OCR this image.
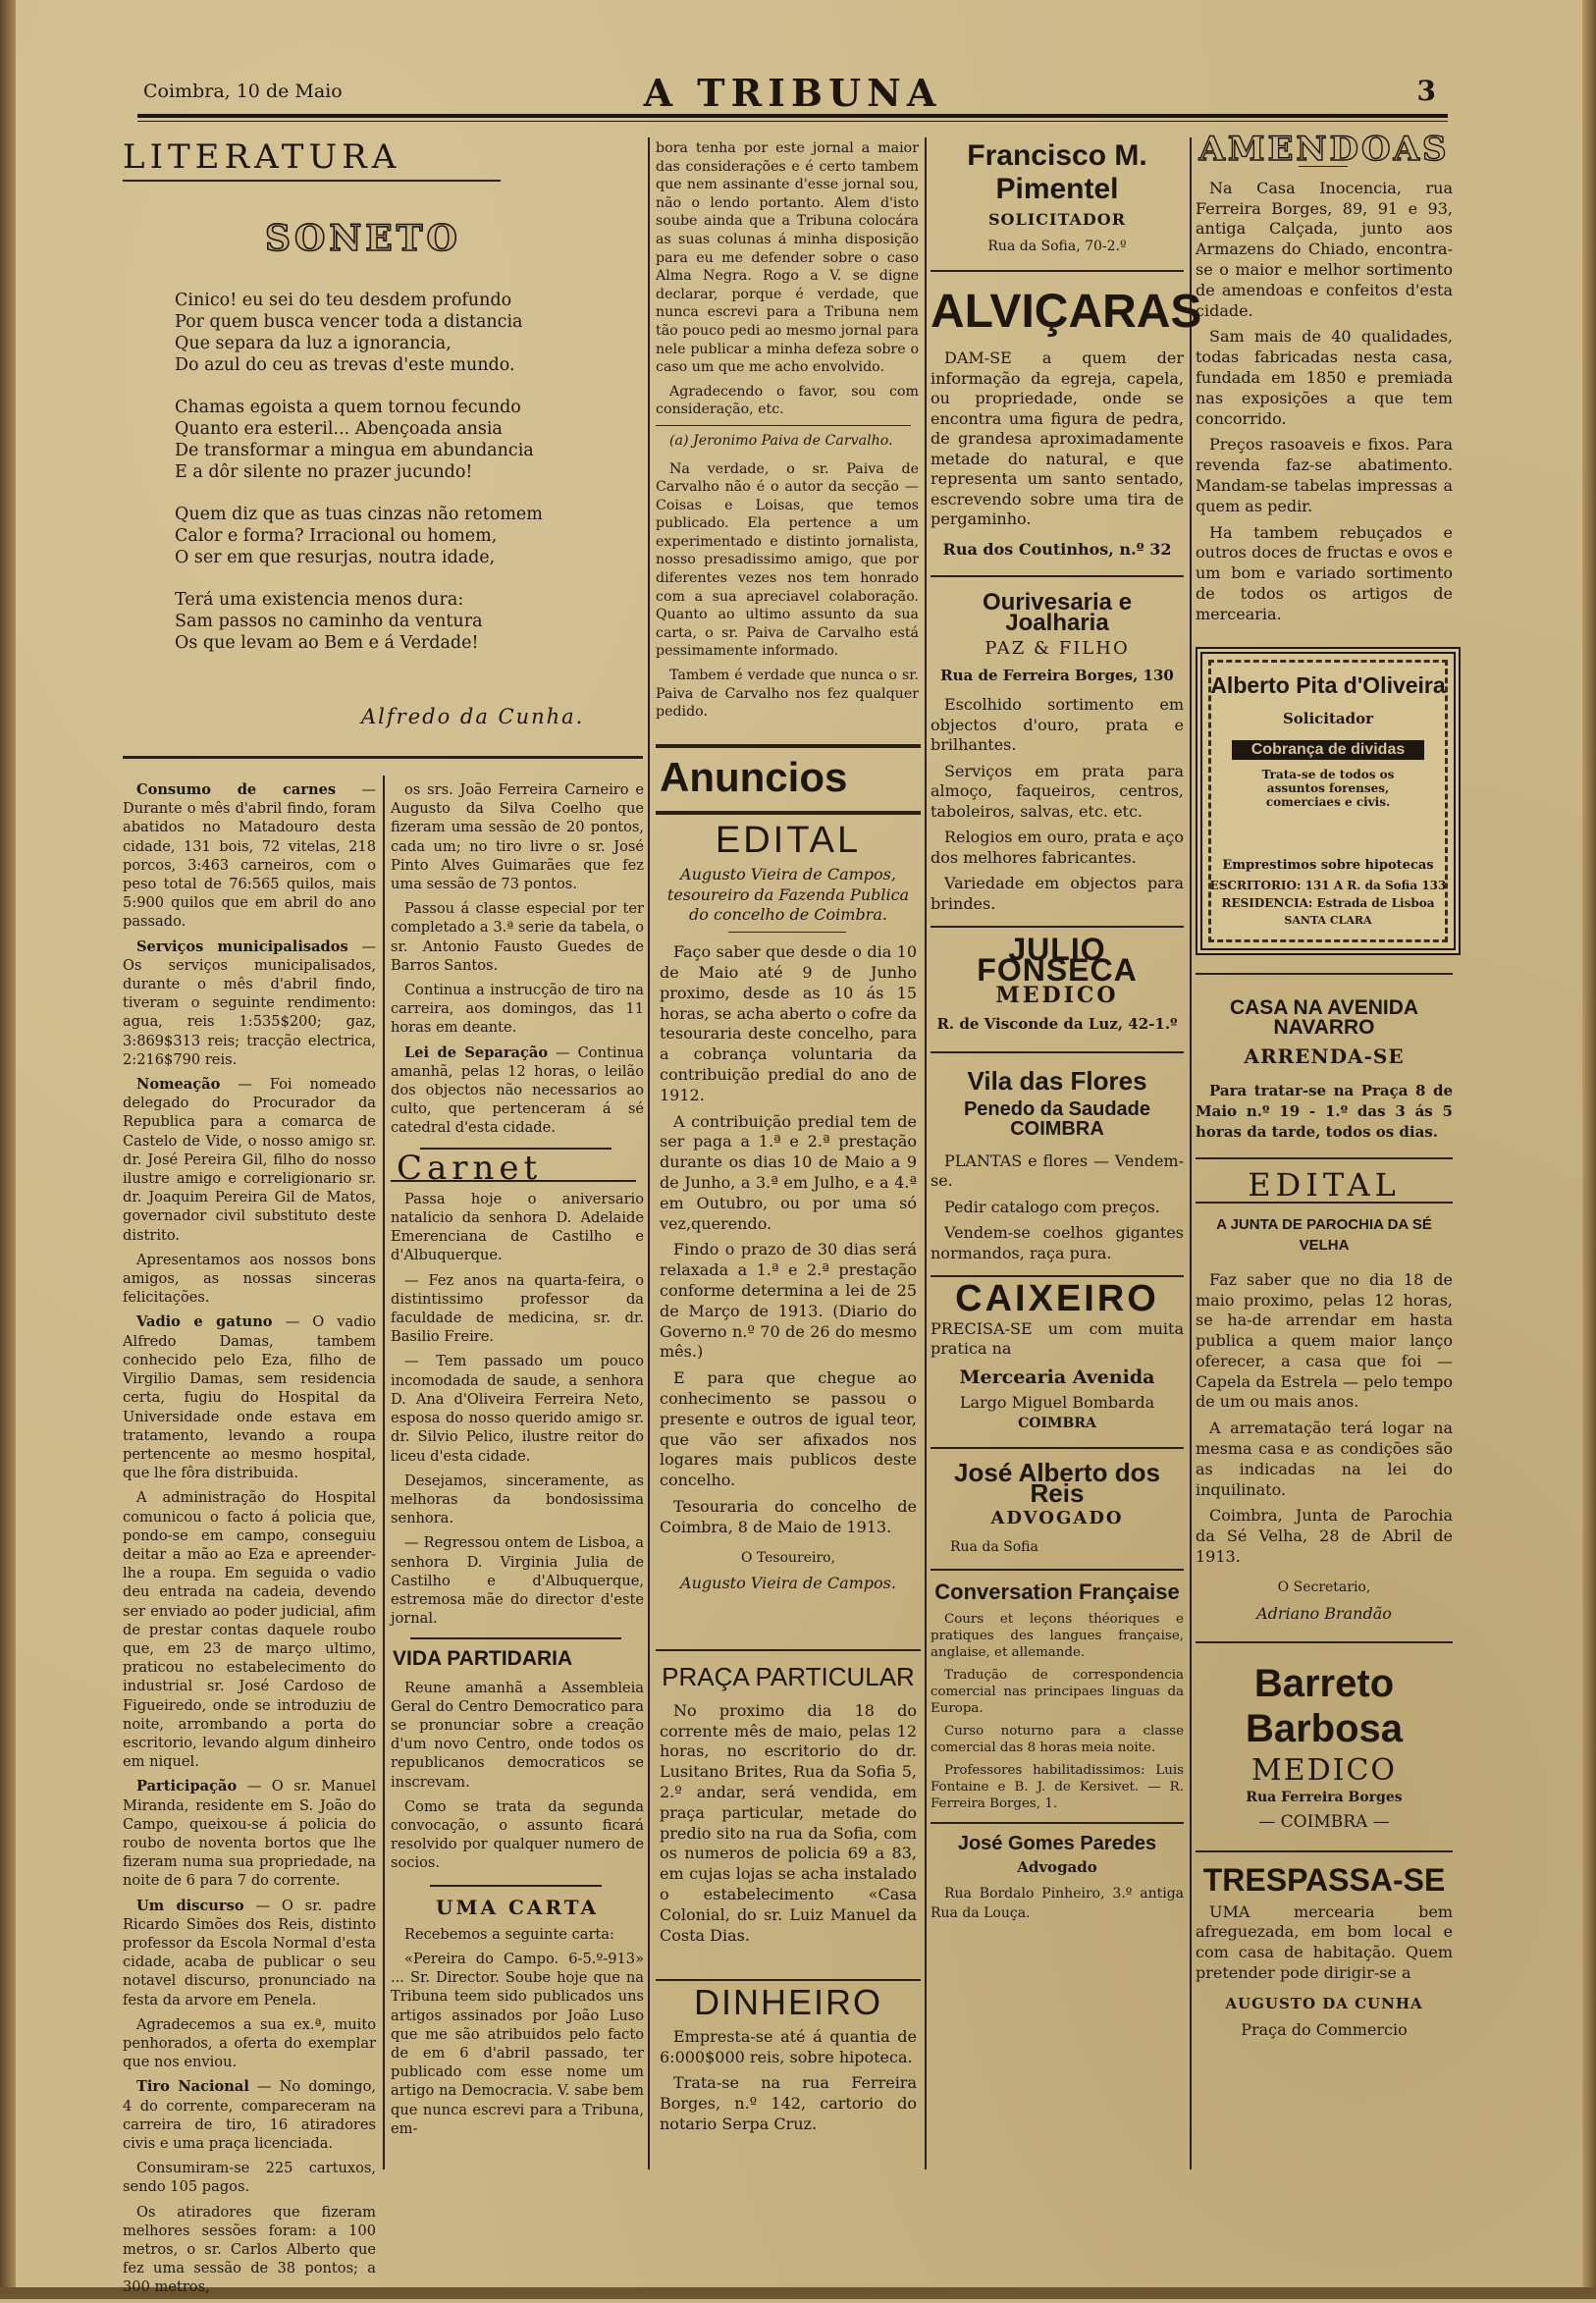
Coimbra, 10 de Maio	A TRIBUNA	3
LITERATURA
SONETO
Cinico! eu sei do teu desdem profundo
Por quem busca vencer toda a distancia
Que separa da luz a ignorancia,
Do azul do ceu as trevas d'este mundo.
Chamas egoista a quem tornou fecundo
Quanto era esteril... Abençoada ansia
De transformar a mingua em abundancia
E a dôr silente no prazer jucundo!
Quem diz que as tuas cinzas não retomem
Calor e forma? Irracional ou homem,
O ser em que resurjas, noutra idade,
Terá uma existencia menos dura:
Sam passos no caminho da ventura
Os que levam ao Bem e á Verdade!
Alfredo da Cunha.

Consumo de carnes — Durante o mês d'abril findo, foram abatidos no Matadouro desta cidade, 131 bois, 72 vitelas, 218 porcos, 3:463 carneiros, com o peso total de 76:565 quilos, mais 5:900 quilos que em abril do ano passado.

Serviços municipalisados — Os serviços municipalisados, durante o mês d'abril findo, tiveram o seguinte rendimento: agua, reis 1:535$200; gaz, 3:869$313 reis; tracção electrica, 2:216$790 reis.

Nomeação — Foi nomeado delegado do Procurador da Republica para a comarca de Castelo de Vide, o nosso amigo sr. dr. José Pereira Gil, filho do nosso ilustre amigo e correligionario sr. dr. Joaquim Pereira Gil de Matos, governador civil substituto deste distrito.

Apresentamos aos nossos bons amigos, as nossas sinceras felicitações.

Vadio e gatuno — O vadio Alfredo Damas, tambem conhecido pelo Eza, filho de Virgilio Damas, sem residencia certa, fugiu do Hospital da Universidade onde estava em tratamento, levando a roupa pertencente ao mesmo hospital, que lhe fôra distribuida.

A administração do Hospital comunicou o facto á policia que, pondo-se em campo, conseguiu deitar a mão ao Eza e apreender-lhe a roupa. Em seguida o vadio deu entrada na cadeia, devendo ser enviado ao poder judicial, afim de prestar contas daquele roubo que, em 23 de março ultimo, praticou no estabelecimento do industrial sr. José Cardoso de Figueiredo, onde se introduziu de noite, arrombando a porta do escritorio, levando algum dinheiro em niquel.

Participação — O sr. Manuel Miranda, residente em S. João do Campo, queixou-se á policia do roubo de noventa bortos que lhe fizeram numa sua propriedade, na noite de 6 para 7 do corrente.

Um discurso — O sr. padre Ricardo Simões dos Reis, distinto professor da Escola Normal d'esta cidade, acaba de publicar o seu notavel discurso, pronunciado na festa da arvore em Penela.

Agradecemos a sua ex.ª, muito penhorados, a oferta do exemplar que nos enviou.

Tiro Nacional — No domingo, 4 do corrente, compareceram na carreira de tiro, 16 atiradores civis e uma praça licenciada.

Consumiram-se 225 cartuxos, sendo 105 pagos.

Os atiradores que fizeram melhores sessões foram: a 100 metros, o sr. Carlos Alberto que fez uma sessão de 38 pontos; a 300 metros,

os srs. João Ferreira Carneiro e Augusto da Silva Coelho que fizeram uma sessão de 20 pontos, cada um; no tiro livre o sr. José Pinto Alves Guimarães que fez uma sessão de 73 pontos.

Passou á classe especial por ter completado a 3.ª serie da tabela, o sr. Antonio Fausto Guedes de Barros Santos.

Continua a instrucção de tiro na carreira, aos domingos, das 11 horas em deante.

Lei de Separação — Continua amanhã, pelas 12 horas, o leilão dos objectos não necessarios ao culto, que pertenceram á sé catedral d'esta cidade.

Carnet

Passa hoje o aniversario natalicio da senhora D. Adelaide Emerenciana de Castilho e d'Albuquerque.

— Fez anos na quarta-feira, o distintissimo professor da faculdade de medicina, sr. dr. Basilio Freire.

— Tem passado um pouco incomodada de saude, a senhora D. Ana d'Oliveira Ferreira Neto, esposa do nosso querido amigo sr. dr. Silvio Pelico, ilustre reitor do liceu d'esta cidade.

Desejamos, sinceramente, as melhoras da bondosissima senhora.

— Regressou ontem de Lisboa, a senhora D. Virginia Julia de Castilho e d'Albuquerque, estremosa mãe do director d'este jornal.

VIDA PARTIDARIA

Reune amanhã a Assembleia Geral do Centro Democratico para se pronunciar sobre a creação d'um novo Centro, onde todos os republicanos democraticos se inscrevam.

Como se trata da segunda convocação, o assunto ficará resolvido por qualquer numero de socios.

UMA CARTA

Recebemos a seguinte carta:

«Pereira do Campo. 6-5.º-913» ... Sr. Director. Soube hoje que na Tribuna teem sido publicados uns artigos assinados por João Luso que me são atribuidos pelo facto de em 6 d'abril passado, ter publicado com esse nome um artigo na Democracia. V. sabe bem que nunca escrevi para a Tribuna, em-

bora tenha por este jornal a maior das considerações e é certo tambem que nem assinante d'esse jornal sou, não o lendo portanto. Alem d'isto soube ainda que a Tribuna colocára as suas colunas á minha disposição para eu me defender sobre o caso Alma Negra. Rogo a V. se digne declarar, porque é verdade, que nunca escrevi para a Tribuna nem tão pouco pedi ao mesmo jornal para nele publicar a minha defeza sobre o caso um que me acho envolvido.

Agradecendo o favor, sou com consideração, etc.

(a) Jeronimo Paiva de Carvalho.

Na verdade, o sr. Paiva de Carvalho não é o autor da secção — Coisas e Loisas, que temos publicado. Ela pertence a um experimentado e distinto jornalista, nosso presadissimo amigo, que por diferentes vezes nos tem honrado com a sua apreciavel colaboração. Quanto ao ultimo assunto da sua carta, o sr. Paiva de Carvalho está pessimamente informado.

Tambem é verdade que nunca o sr. Paiva de Carvalho nos fez qualquer pedido.

Anuncios
EDITAL

Augusto Vieira de Campos, tesoureiro da Fazenda Publica do concelho de Coimbra.

Faço saber que desde o dia 10 de Maio até 9 de Junho proximo, desde as 10 ás 15 horas, se acha aberto o cofre da tesouraria deste concelho, para a cobrança voluntaria da contribuição predial do ano de 1912.

A contribuição predial tem de ser paga a 1.ª e 2.ª prestação durante os dias 10 de Maio a 9 de Junho, a 3.ª em Julho, e a 4.ª em Outubro, ou por uma só vez,querendo.

Findo o prazo de 30 dias será relaxada a 1.ª e 2.ª prestação conforme determina a lei de 25 de Março de 1913. (Diario do Governo n.º 70 de 26 do mesmo mês.)

E para que chegue ao conhecimento se passou o presente e outros de igual teor, que vão ser afixados nos logares mais publicos deste concelho.

Tesouraria do concelho de Coimbra, 8 de Maio de 1913.

O Tesoureiro,
Augusto Vieira de Campos.
PRAÇA PARTICULAR

No proximo dia 18 do corrente mês de maio, pelas 12 horas, no escritorio do dr. Lusitano Brites, Rua da Sofia 5, 2.º andar, será vendida, em praça particular, metade do predio sito na rua da Sofia, com os numeros de policia 69 a 83, em cujas lojas se acha instalado o estabelecimento «Casa Colonial, do sr. Luiz Manuel da Costa Dias.

DINHEIRO

Empresta-se até á quantia de 6:000$000 reis, sobre hipoteca.

Trata-se na rua Ferreira Borges, n.º 142, cartorio do notario Serpa Cruz.

Francisco M. Pimentel
SOLICITADOR
Rua da Sofia, 70-2.º
ALVIÇARAS

DAM-SE a quem der informação da egreja, capela, ou propriedade, onde se encontra uma figura de pedra, de grandesa aproximadamente metade do natural, e que representa um santo sentado, escrevendo sobre uma tira de pergaminho.

Rua dos Coutinhos, n.º 32
Ourivesaria e Joalharia
PAZ & FILHO
Rua de Ferreira Borges, 130

Escolhido sortimento em objectos d'ouro, prata e brilhantes.

Serviços em prata para almoço, faqueiros, centros, taboleiros, salvas, etc. etc.

Relogios em ouro, prata e aço dos melhores fabricantes.

Variedade em objectos para brindes.

JULIO FONSECA
MEDICO
R. de Visconde da Luz, 42-1.º
Vila das Flores
Penedo da Saudade COIMBRA

PLANTAS e flores — Vendem-se.

Pedir catalogo com preços.

Vendem-se coelhos gigantes normandos, raça pura.

CAIXEIRO

PRECISA-SE um com muita pratica na

Mercearia Avenida
Largo Miguel Bombarda
COIMBRA
José Alberto dos Reis
ADVOGADO
Rua da Sofia
Conversation Française

Cours et leçons théoriques e pratiques des langues française, anglaise, et allemande.

Tradução de correspondencia comercial nas principaes linguas da Europa.

Curso noturno para a classe comercial das 8 horas meia noite.

Professores habilitadissimos: Luis Fontaine e B. J. de Kersivet. — R. Ferreira Borges, 1.

José Gomes Paredes
Advogado

Rua Bordalo Pinheiro, 3.º antiga Rua da Louça.

AMENDOAS

Na Casa Inocencia, rua Ferreira Borges, 89, 91 e 93, antiga Calçada, junto aos Armazens do Chiado, encontra-se o maior e melhor sortimento de amendoas e confeitos d'esta cidade.

Sam mais de 40 qualidades, todas fabricadas nesta casa, fundada em 1850 e premiada nas exposições a que tem concorrido.

Preços rasoaveis e fixos. Para revenda faz-se abatimento. Mandam-se tabelas impressas a quem as pedir.

Ha tambem rebuçados e outros doces de fructas e ovos e um bom e variado sortimento de todos os artigos de mercearia.

Alberto Pita d'Oliveira
Solicitador
Cobrança de dividas
Trata-se de todos os assuntos forenses, comerciaes e civis.
Emprestimos sobre hipotecas
ESCRITORIO: 131 A R. da Sofia 133
RESIDENCIA: Estrada de Lisboa
SANTA CLARA
CASA NA AVENIDA NAVARRO
ARRENDA-SE

Para tratar-se na Praça 8 de Maio n.º 19 - 1.º das 3 ás 5 horas da tarde, todos os dias.

EDITAL
A JUNTA DE PAROCHIA DA SÉ VELHA

Faz saber que no dia 18 de maio proximo, pelas 12 horas, se ha-de arrendar em hasta publica a quem maior lanço oferecer, a casa que foi — Capela da Estrela — pelo tempo de um ou mais anos.

A arrematação terá logar na mesma casa e as condições são as indicadas na lei do inquilinato.

Coimbra, Junta de Parochia da Sé Velha, 28 de Abril de 1913.

O Secretario,
Adriano Brandão
Barreto Barbosa
MEDICO
Rua Ferreira Borges
— COIMBRA —
TRESPASSA-SE

UMA mercearia bem afreguezada, em bom local e com casa de habitação. Quem pretender pode dirigir-se a

AUGUSTO DA CUNHA
Praça do Commercio
